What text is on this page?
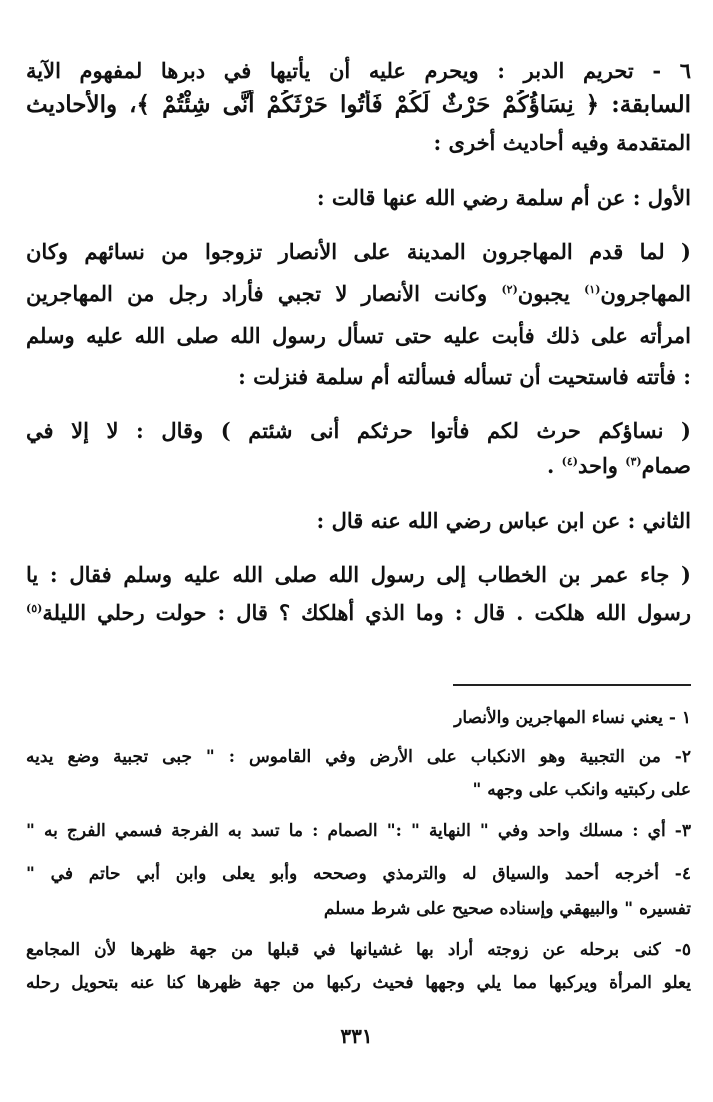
٦ - تحريم الدبر : ويحرم عليه أن يأتيها في دبرها لمفهوم الآية
السابقة: ﴿ نِسَاؤُكُمْ حَرْثٌ لَكُمْ فَأْتُوا حَرْثَكُمْ أَنَّى شِئْتُمْ ﴾، والأحاديث
المتقدمة وفيه أحاديث أخرى :
الأول : عن أم سلمة رضي الله عنها قالت :
( لما قدم المهاجرون المدينة على الأنصار تزوجوا من نسائهم وكان
المهاجرون$^{(١)}$ يجبون$^{(٢)}$ وكانت الأنصار لا تجبي فأراد رجل من المهاجرين
امرأته على ذلك فأبت عليه حتى تسأل رسول الله صلى الله عليه وسلم
: فأتته فاستحيت أن تسأله فسألته أم سلمة فنزلت :
( نساؤكم حرث لكم فأتوا حرثكم أنى شئتم ) وقال : لا إلا في
صمام$^{(٣)}$ واحد$^{(٤)}$ .
الثاني : عن ابن عباس رضي الله عنه قال :
( جاء عمر بن الخطاب إلى رسول الله صلى الله عليه وسلم فقال : يا
رسول الله هلكت . قال : وما الذي أهلكك ؟ قال : حولت رحلي الليلة$^{(٥)}$
١ - يعني نساء المهاجرين والأنصار
٢- من التجبية وهو الانكباب على الأرض وفي القاموس : " جبى تجبية وضع يديه
على ركبتيه وانكب على وجهه "
٣- أي : مسلك واحد وفي " النهاية " :" الصمام : ما تسد به الفرجة فسمي الفرج به "
٤- أخرجه أحمد والسياق له والترمذي وصححه وأبو يعلى وابن أبي حاتم في "
تفسيره " والبيهقي وإسناده صحيح على شرط مسلم
٥- كنى برحله عن زوجته أراد بها غشيانها في قبلها من جهة ظهرها لأن المجامع
يعلو المرأة ويركبها مما يلي وجهها فحيث ركبها من جهة ظهرها كنا عنه بتحويل رحله
٣٣١
